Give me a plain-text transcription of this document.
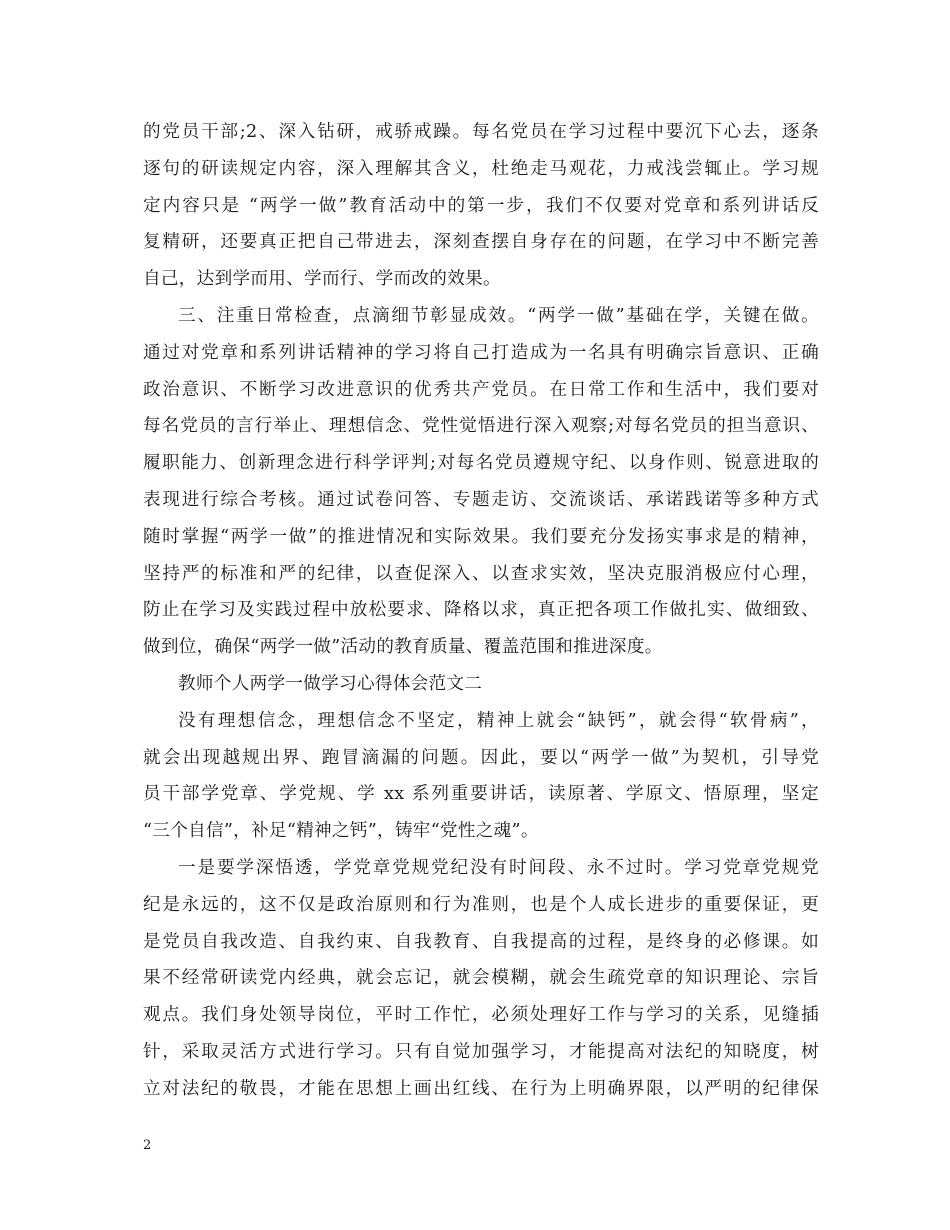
的党员干部;2、深入钻研，戒骄戒躁。每名党员在学习过程中要沉下心去，逐条
逐句的研读规定内容，深入理解其含义，杜绝走马观花，力戒浅尝辄止。学习规
定内容只是 “两学一做”教育活动中的第一步，我们不仅要对党章和系列讲话反
复精研，还要真正把自己带进去，深刻查摆自身存在的问题，在学习中不断完善
自己，达到学而用、学而行、学而改的效果。
三、注重日常检查，点滴细节彰显成效。“两学一做”基础在学，关键在做。
通过对党章和系列讲话精神的学习将自己打造成为一名具有明确宗旨意识、正确
政治意识、不断学习改进意识的优秀共产党员。在日常工作和生活中，我们要对
每名党员的言行举止、理想信念、党性觉悟进行深入观察;对每名党员的担当意识、
履职能力、创新理念进行科学评判;对每名党员遵规守纪、以身作则、锐意进取的
表现进行综合考核。通过试卷问答、专题走访、交流谈话、承诺践诺等多种方式
随时掌握“两学一做”的推进情况和实际效果。我们要充分发扬实事求是的精神，
坚持严的标准和严的纪律，以查促深入、以查求实效，坚决克服消极应付心理，
防止在学习及实践过程中放松要求、降格以求，真正把各项工作做扎实、做细致、
做到位，确保“两学一做”活动的教育质量、覆盖范围和推进深度。
教师个人两学一做学习心得体会范文二
没有理想信念，理想信念不坚定，精神上就会“缺钙”，就会得“软骨病”，
就会出现越规出界、跑冒滴漏的问题。因此，要以“两学一做”为契机，引导党
员干部学党章、学党规、学 xx 系列重要讲话，读原著、学原文、悟原理，坚定
“三个自信”，补足“精神之钙”，铸牢“党性之魂”。
一是要学深悟透，学党章党规党纪没有时间段、永不过时。学习党章党规党
纪是永远的，这不仅是政治原则和行为准则，也是个人成长进步的重要保证，更
是党员自我改造、自我约束、自我教育、自我提高的过程，是终身的必修课。如
果不经常研读党内经典，就会忘记，就会模糊，就会生疏党章的知识理论、宗旨
观点。我们身处领导岗位，平时工作忙，必须处理好工作与学习的关系，见缝插
针，采取灵活方式进行学习。只有自觉加强学习，才能提高对法纪的知晓度，树
立对法纪的敬畏，才能在思想上画出红线、在行为上明确界限，以严明的纪律保
2
